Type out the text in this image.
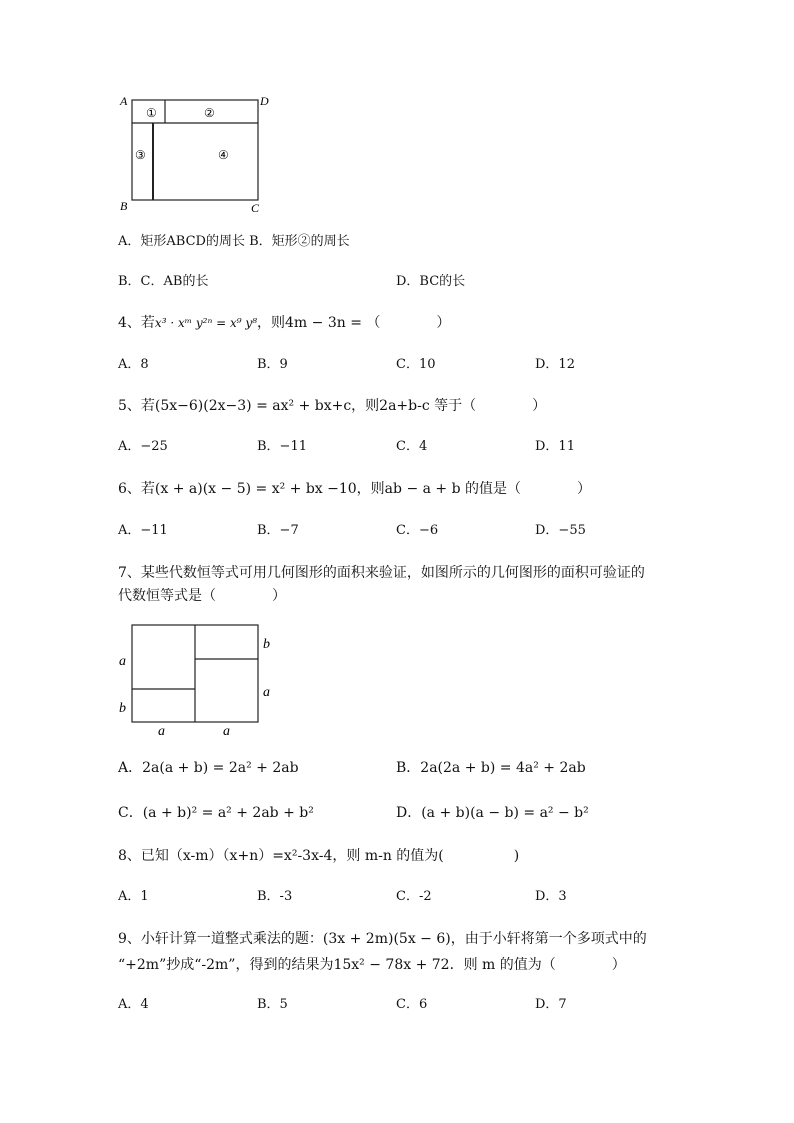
A	D
B	C
①	②
③	④
A．矩形ABCD的周长 B．矩形②的周长
B．C．AB的长	D．BC的长
4、若x³ · xᵐ y²ⁿ = x⁹ y⁸，则4m − 3n = （　　　　）
A．8	B．9	C．10	D．12
5、若(5x−6)(2x−3) = ax² + bx+c，则2a+b-c 等于（　　　　）
A．−25	B．−11	C．4	D．11
6、若(x + a)(x − 5) = x² + bx −10，则ab − a + b 的值是（　　　　）
A．−11	B．−7	C．−6	D．−55
7、某些代数恒等式可用几何图形的面积来验证，如图所示的几何图形的面积可验证的
代数恒等式是（　　　　）
a
b
b
a
a	a
A．2a(a + b) = 2a² + 2ab	B．2a(2a + b) = 4a² + 2ab
C．(a + b)² = a² + 2ab + b²	D．(a + b)(a − b) = a² − b²
8、已知（x-m）（x+n）=x²-3x-4，则 m-n 的值为(　　　　　)
A．1	B．-3	C．-2	D．3
9、小轩计算一道整式乘法的题：(3x + 2m)(5x − 6)，由于小轩将第一个多项式中的
“+2m”抄成“-2m”，得到的结果为15x² − 78x + 72．则 m 的值为（　　　　）
A．4	B．5	C．6	D．7
